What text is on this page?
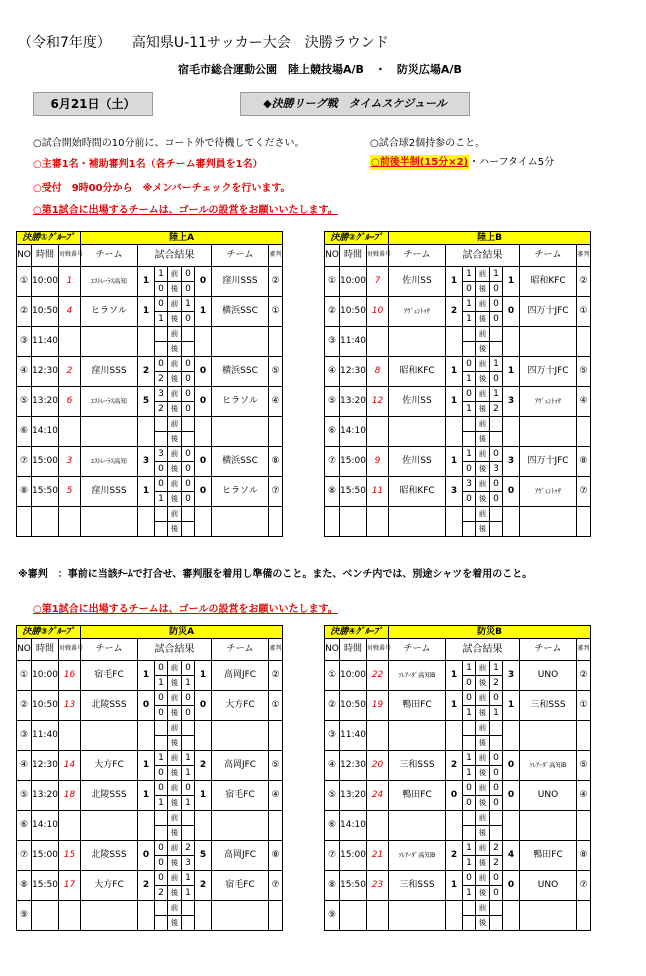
（令和7年度）　　高知県U-11サッカー大会　決勝ラウンド
宿毛市総合運動公園　陸上競技場A/B　・　防災広場A/B
6月21日（土）	◆決勝リーグ戦　タイムスケジュール
○試合開始時間の10分前に、コート外で待機してください。	○試合球2個持参のこと。
○主審1名・補助審判1名（各チーム審判員を1名）	○前後半制(15分×2)・ハーフタイム5分
○受付　9時00分から　※メンバーチェックを行います。
○第1試合に出場するチームは、ゴールの設営をお願いいたします。
※審判　：事前に当該ﾁｰﾑで打合せ、審判服を着用し準備のこと。また、ベンチ内では、別途シャツを着用のこと。
○第1試合に出場するチームは、ゴールの設営をお願いいたします。
決勝①ｸﾞﾙｰﾌﾟ			陸上A							
NO	時間	対戦番号	チーム	試合結果					チーム	審判
①	10:00	1	ｴｽﾄﾚｰﾗｽ高知	1	1	前	0	0	窪川SSS	②
					0	後	0			
②	10:50	4	ヒラソル	1	0	前	1	1	横浜SSC	①
					1	後	0			
③	11:40					前				
						後				
④	12:30	2	窪川SSS	2	0	前	0	0	横浜SSC	⑤
					2	後	0			
⑤	13:20	6	ｴｽﾄﾚｰﾗｽ高知	5	3	前	0	0	ヒラソル	④
					2	後	0			
⑥	14:10					前				
						後				
⑦	15:00	3	ｴｽﾄﾚｰﾗｽ高知	3	3	前	0	0	横浜SSC	⑧
					0	後	0			
⑧	15:50	5	窪川SSS	1	0	前	0	0	ヒラソル	⑦
					1	後	0			
						前				
						後				
決勝②ｸﾞﾙｰﾌﾟ			陸上B							
NO	時間	対戦番号	チーム	試合結果					チーム	審判
①	10:00	7	佐川SS	1	1	前	1	1	昭和KFC	②
					0	後	0			
②	10:50	10	ｱｳﾞｪﾝﾄｩｻ	2	1	前	0	0	四万十JFC	①
					1	後	0			
③	11:40					前				
						後				
④	12:30	8	昭和KFC	1	0	前	1	1	四万十JFC	⑤
					1	後	0			
⑤	13:20	12	佐川SS	1	0	前	1	3	ｱｳﾞｪﾝﾄｩｻ	④
					1	後	2			
⑥	14:10					前				
						後				
⑦	15:00	9	佐川SS	1	1	前	0	3	四万十JFC	⑧
					0	後	3			
⑧	15:50	11	昭和KFC	3	3	前	0	0	ｱｳﾞｪﾝﾄｩｻ	⑦
					0	後	0			
						前				
						後				
決勝③ｸﾞﾙｰﾌﾟ			防災A							
NO	時間	対戦番号	チーム	試合結果					チーム	審判
①	10:00	16	宿毛FC	1	0	前	0	1	高岡JFC	②
					1	後	1			
②	10:50	13	北陵SSS	0	0	前	0	0	大方FC	①
					0	後	0			
③	11:40					前				
						後				
④	12:30	14	大方FC	1	1	前	1	2	高岡JFC	⑤
					0	後	1			
⑤	13:20	18	北陵SSS	1	0	前	0	1	宿毛FC	④
					1	後	1			
⑥	14:10					前				
						後				
⑦	15:00	15	北陵SSS	0	0	前	2	5	高岡JFC	⑧
					0	後	3			
⑧	15:50	17	大方FC	2	0	前	1	2	宿毛FC	⑦
					2	後	1			
⑨						前				
						後				
決勝④ｸﾞﾙｰﾌﾟ			防災B							
NO	時間	対戦番号	チーム	試合結果					チーム	審判
①	10:00	22	ｿﾚｱｰﾀﾞ高知B	1	1	前	1	3	UNO	②
					0	後	2			
②	10:50	19	鴨田FC	1	0	前	0	1	三和SSS	①
					1	後	1			
③	11:40					前				
						後				
④	12:30	20	三和SSS	2	1	前	0	0	ｿﾚｱｰﾀﾞ高知B	⑤
					1	後	0			
⑤	13:20	24	鴨田FC	0	0	前	0	0	UNO	④
					0	後	0			
⑥	14:10					前				
						後				
⑦	15:00	21	ｿﾚｱｰﾀﾞ高知B	2	1	前	2	4	鴨田FC	⑧
					1	後	2			
⑧	15:50	23	三和SSS	1	0	前	0	0	UNO	⑦
					1	後	0			
⑨						前				
						後				
